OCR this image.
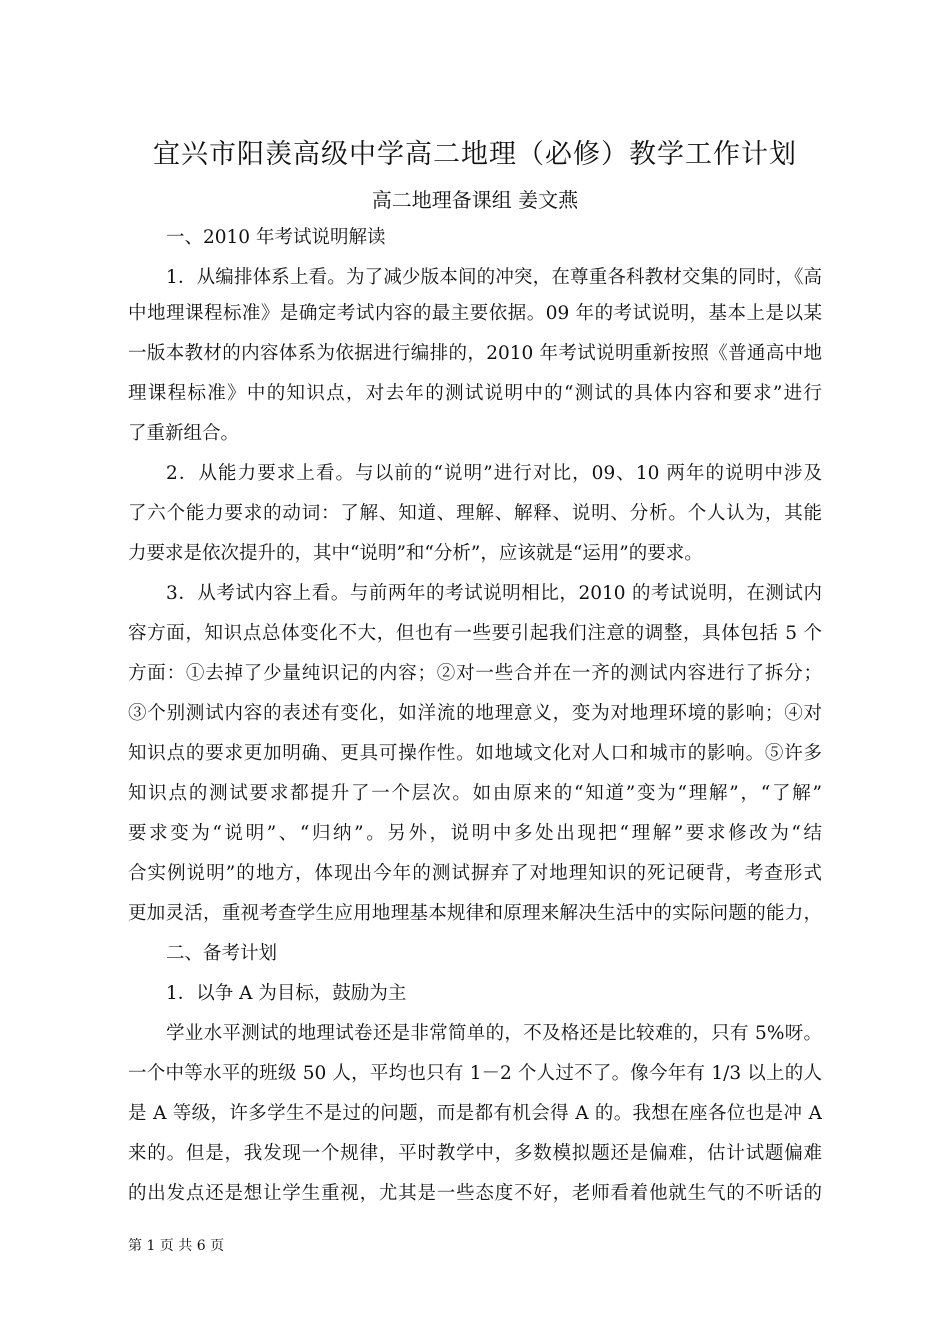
宜兴市阳羡高级中学高二地理（必修）教学工作计划
高二地理备课组 姜文燕
一、2010 年考试说明解读
1．从编排体系上看。为了减少版本间的冲突，在尊重各科教材交集的同时，《高
中地理课程标准》是确定考试内容的最主要依据。09 年的考试说明，基本上是以某
一版本教材的内容体系为依据进行编排的，2010 年考试说明重新按照《普通高中地
理课程标准》中的知识点，对去年的测试说明中的“测试的具体内容和要求”进行
了重新组合。
2．从能力要求上看。与以前的“说明”进行对比，09、10 两年的说明中涉及
了六个能力要求的动词：了解、知道、理解、解释、说明、分析。个人认为，其能
力要求是依次提升的，其中“说明”和“分析”，应该就是“运用”的要求。
3．从考试内容上看。与前两年的考试说明相比，2010 的考试说明，在测试内
容方面，知识点总体变化不大，但也有一些要引起我们注意的调整，具体包括 5 个
方面：①去掉了少量纯识记的内容；②对一些合并在一齐的测试内容进行了拆分；
③个别测试内容的表述有变化，如洋流的地理意义，变为对地理环境的影响；④对
知识点的要求更加明确、更具可操作性。如地域文化对人口和城市的影响。⑤许多
知识点的测试要求都提升了一个层次。如由原来的“知道”变为“理解”，“了解”
要求变为“说明”、“归纳”。另外，说明中多处出现把“理解”要求修改为“结
合实例说明”的地方，体现出今年的测试摒弃了对地理知识的死记硬背，考查形式
更加灵活，重视考查学生应用地理基本规律和原理来解决生活中的实际问题的能力，
二、备考计划
1．以争 A 为目标，鼓励为主
学业水平测试的地理试卷还是非常简单的，不及格还是比较难的，只有 5%呀。
一个中等水平的班级 50 人，平均也只有 1－2 个人过不了。像今年有 1/3 以上的人
是 A 等级，许多学生不是过的问题，而是都有机会得 A 的。我想在座各位也是冲 A
来的。但是，我发现一个规律，平时教学中，多数模拟题还是偏难，估计试题偏难
的出发点还是想让学生重视，尤其是一些态度不好，老师看着他就生气的不听话的
第 1 页 共 6 页
